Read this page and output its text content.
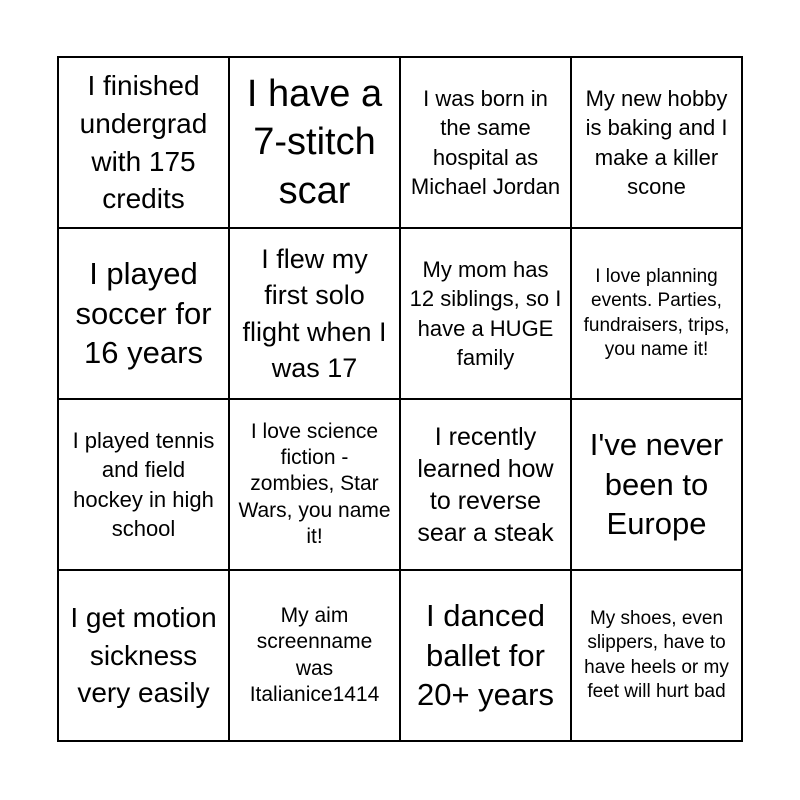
I finished undergrad with 175 credits
I have a 7-stitch scar
I was born in the same hospital as Michael Jordan
My new hobby is baking and I make a killer scone
I played soccer for 16 years
I flew my first solo flight when I was 17
My mom has 12 siblings, so I have a HUGE family
I love planning events. Parties, fundraisers, trips, you name it!
I played tennis and field hockey in high school
I love science fiction - zombies, Star Wars, you name it!
I recently learned how to reverse sear a steak
I've never been to Europe
I get motion sickness very easily
My aim screenname was Italianice1414
I danced ballet for 20+ years
My shoes, even slippers, have to have heels or my feet will hurt bad
